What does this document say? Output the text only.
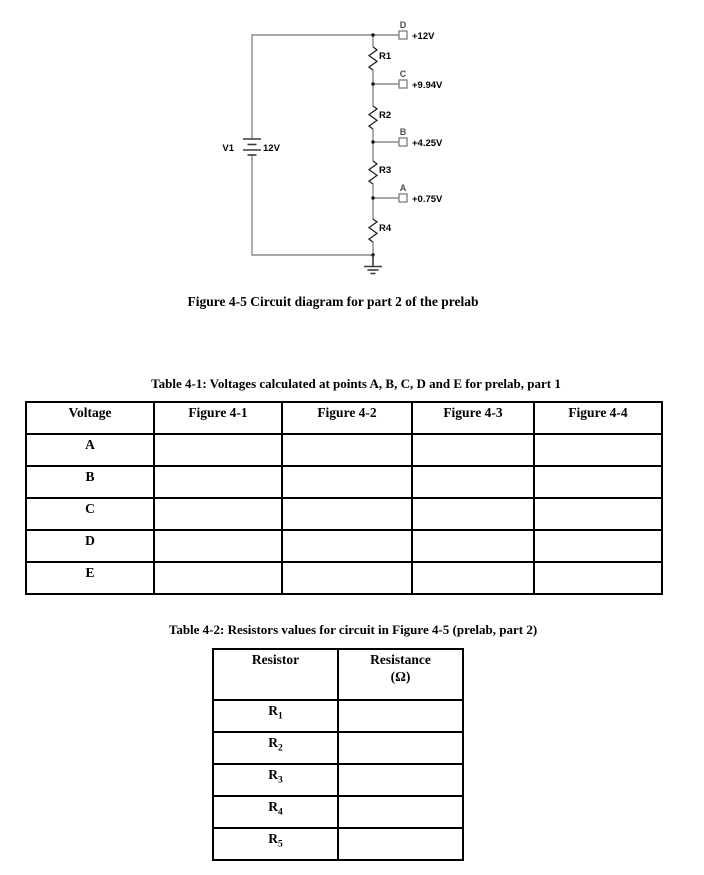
V1	12V
R1
R2
R3
R4
D
C
B
A
+12V
+9.94V
+4.25V
+0.75V
Figure 4-5 Circuit diagram for part 2 of the prelab
Table 4-1: Voltages calculated at points A, B, C, D and E for prelab, part 1
Voltage	Figure 4-1	Figure 4-2	Figure 4-3	Figure 4-4
A				
B				
C				
D				
E				
Table 4-2: Resistors values for circuit in Figure 4-5 (prelab, part 2)
Resistor	Resistance
(Ω)

$R_1$	
$R_2$	
$R_3$	
$R_4$	
$R_5$	
